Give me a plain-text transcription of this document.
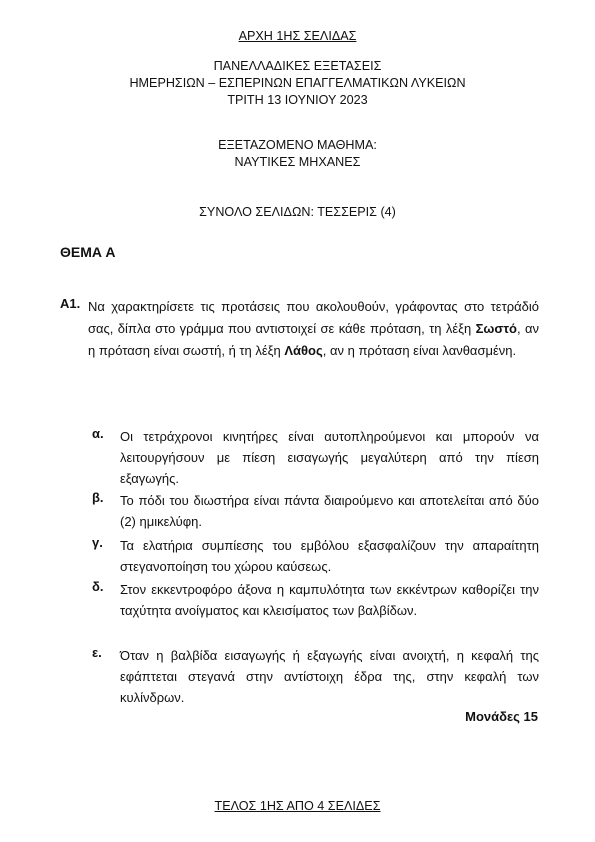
ΑΡΧΗ 1ΗΣ ΣΕΛΙΔΑΣ
ΠΑΝΕΛΛΑΔΙΚΕΣ ΕΞΕΤΑΣΕΙΣ
ΗΜΕΡΗΣΙΩΝ – ΕΣΠΕΡΙΝΩΝ ΕΠΑΓΓΕΛΜΑΤΙΚΩΝ ΛΥΚΕΙΩΝ
ΤΡΙΤΗ 13 ΙΟΥΝΙΟΥ 2023
ΕΞΕΤΑΖΟΜΕΝΟ ΜΑΘΗΜΑ:
ΝΑΥΤΙΚΕΣ ΜΗΧΑΝΕΣ
ΣΥΝΟΛΟ ΣΕΛΙΔΩΝ: ΤΕΣΣΕΡΙΣ (4)
ΘΕΜΑ Α
Α1. Να χαρακτηρίσετε τις προτάσεις που ακολουθούν, γράφοντας στο τετράδιό σας, δίπλα στο γράμμα που αντιστοιχεί σε κάθε πρόταση, τη λέξη Σωστό, αν η πρόταση είναι σωστή, ή τη λέξη Λάθος, αν η πρόταση είναι λανθασμένη.
α. Οι τετράχρονοι κινητήρες είναι αυτοπληρούμενοι και μπορούν να λειτουργήσουν με πίεση εισαγωγής μεγαλύτερη από την πίεση εξαγωγής.
β. Το πόδι του διωστήρα είναι πάντα διαιρούμενο και αποτελείται από δύο (2) ημικελύφη.
γ. Τα ελατήρια συμπίεσης του εμβόλου εξασφαλίζουν την απαραίτητη στεγανοποίηση του χώρου καύσεως.
δ. Στον εκκεντροφόρο άξονα η καμπυλότητα των εκκέντρων καθορίζει την ταχύτητα ανοίγματος και κλεισίματος των βαλβίδων.
ε. Όταν η βαλβίδα εισαγωγής ή εξαγωγής είναι ανοιχτή, η κεφαλή της εφάπτεται στεγανά στην αντίστοιχη έδρα της, στην κεφαλή των κυλίνδρων.
Μονάδες 15
ΤΕΛΟΣ 1ΗΣ ΑΠΟ 4 ΣΕΛΙΔΕΣ
